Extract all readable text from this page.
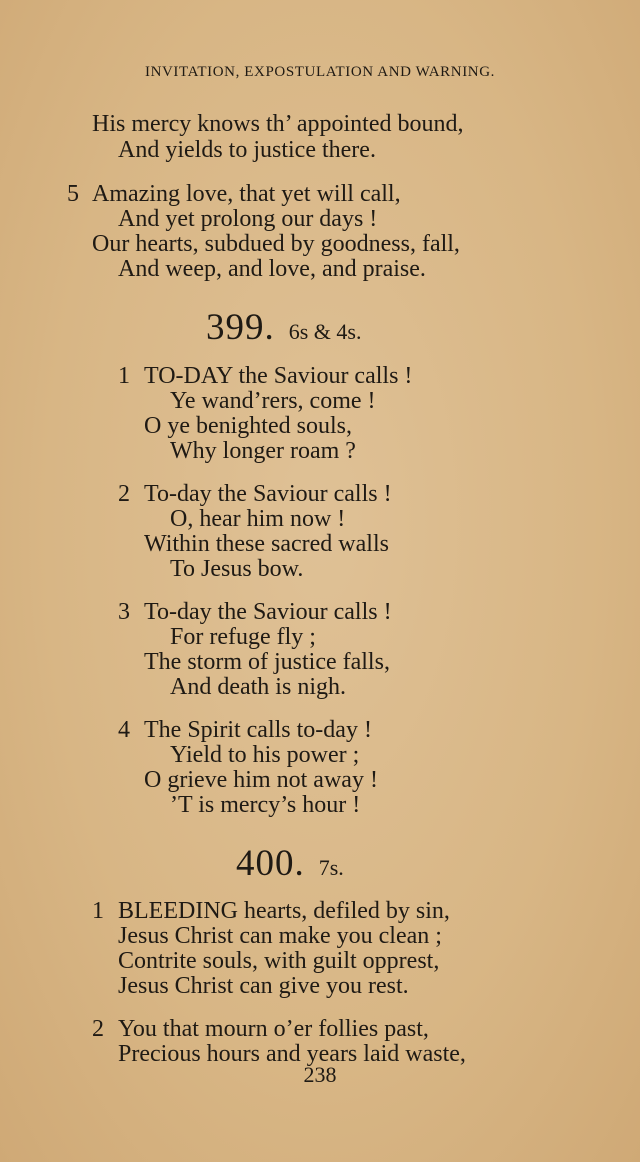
INVITATION, EXPOSTULATION AND WARNING.
His mercy knows th’ appointed bound,
And yields to justice there.
5 Amazing love, that yet will call,
And yet prolong our days !
Our hearts, subdued by goodness, fall,
And weep, and love, and praise.
399. 6s & 4s.
1 TO-DAY the Saviour calls !
Ye wand’rers, come !
O ye benighted souls,
Why longer roam ?
2 To-day the Saviour calls !
O, hear him now !
Within these sacred walls
To Jesus bow.
3 To-day the Saviour calls !
For refuge fly ;
The storm of justice falls,
And death is nigh.
4 The Spirit calls to-day !
Yield to his power ;
O grieve him not away !
’T is mercy’s hour !
400. 7s.
1 BLEEDING hearts, defiled by sin,
Jesus Christ can make you clean ;
Contrite souls, with guilt opprest,
Jesus Christ can give you rest.
2 You that mourn o’er follies past,
Precious hours and years laid waste,
238
